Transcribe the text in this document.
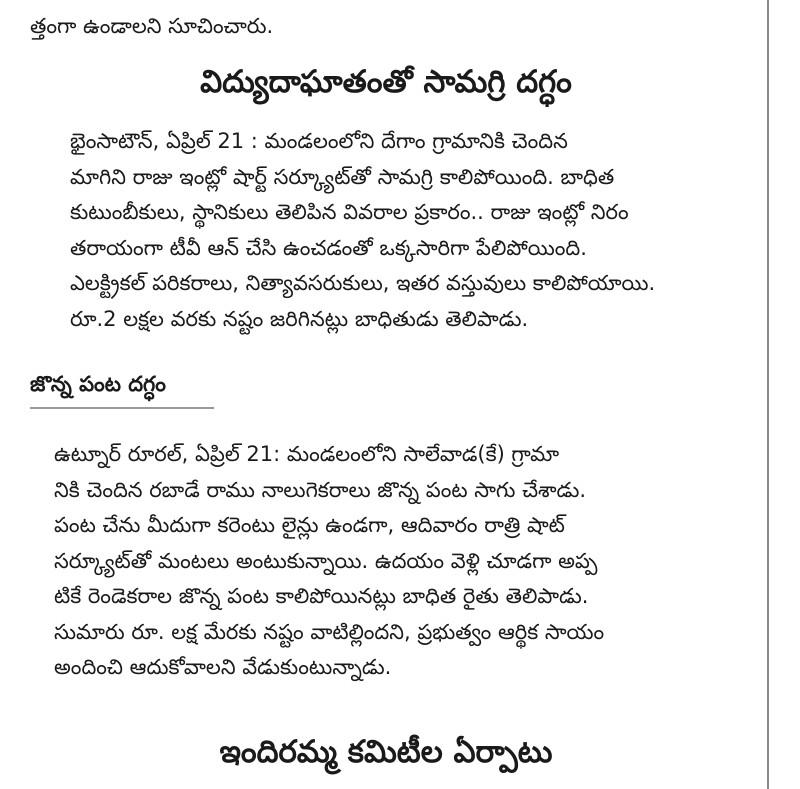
త్తంగా ఉండాలని సూచించారు.
విద్యుదాఘాతంతో సామగ్రి దగ్ధం
భైంసాటౌన్, ఏప్రిల్ 21 : మండలంలోని దేగాం గ్రామానికి చెందిన
మాగిని రాజు ఇంట్లో షార్ట్ సర్క్యూట్‌తో సామగ్రి కాలిపోయింది. బాధిత
కుటుంబీకులు, స్థానికులు తెలిపిన వివరాల ప్రకారం.. రాజు ఇంట్లో నిరం
తరాయంగా టీవీ ఆన్ చేసి ఉంచడంతో ఒక్కసారిగా పేలిపోయింది.
ఎలక్ట్రికల్ పరికరాలు, నిత్యావసరుకులు, ఇతర వస్తువులు కాలిపోయాయి.
రూ.2 లక్షల వరకు నష్టం జరిగినట్లు బాధితుడు తెలిపాడు.
జొన్న పంట దగ్ధం
ఉట్నూర్ రూరల్, ఏప్రిల్ 21: మండలంలోని సాలేవాడ(కే) గ్రామా
నికి చెందిన రబాడే రాము నాలుగెకరాలు జొన్న పంట సాగు చేశాడు.
పంట చేను మీదుగా కరెంటు లైన్లు ఉండగా, ఆదివారం రాత్రి షాట్
సర్క్యూట్‌తో మంటలు అంటుకున్నాయి. ఉదయం వెళ్లి చూడగా అప్ప
టికే రెండెకరాల జొన్న పంట కాలిపోయినట్లు బాధిత రైతు తెలిపాడు.
సుమారు రూ. లక్ష మేరకు నష్టం వాటిల్లిందని, ప్రభుత్వం ఆర్థిక సాయం
అందించి ఆదుకోవాలని వేడుకుంటున్నాడు.
ఇందిరమ్మ కమిటీల ఏర్పాటు
